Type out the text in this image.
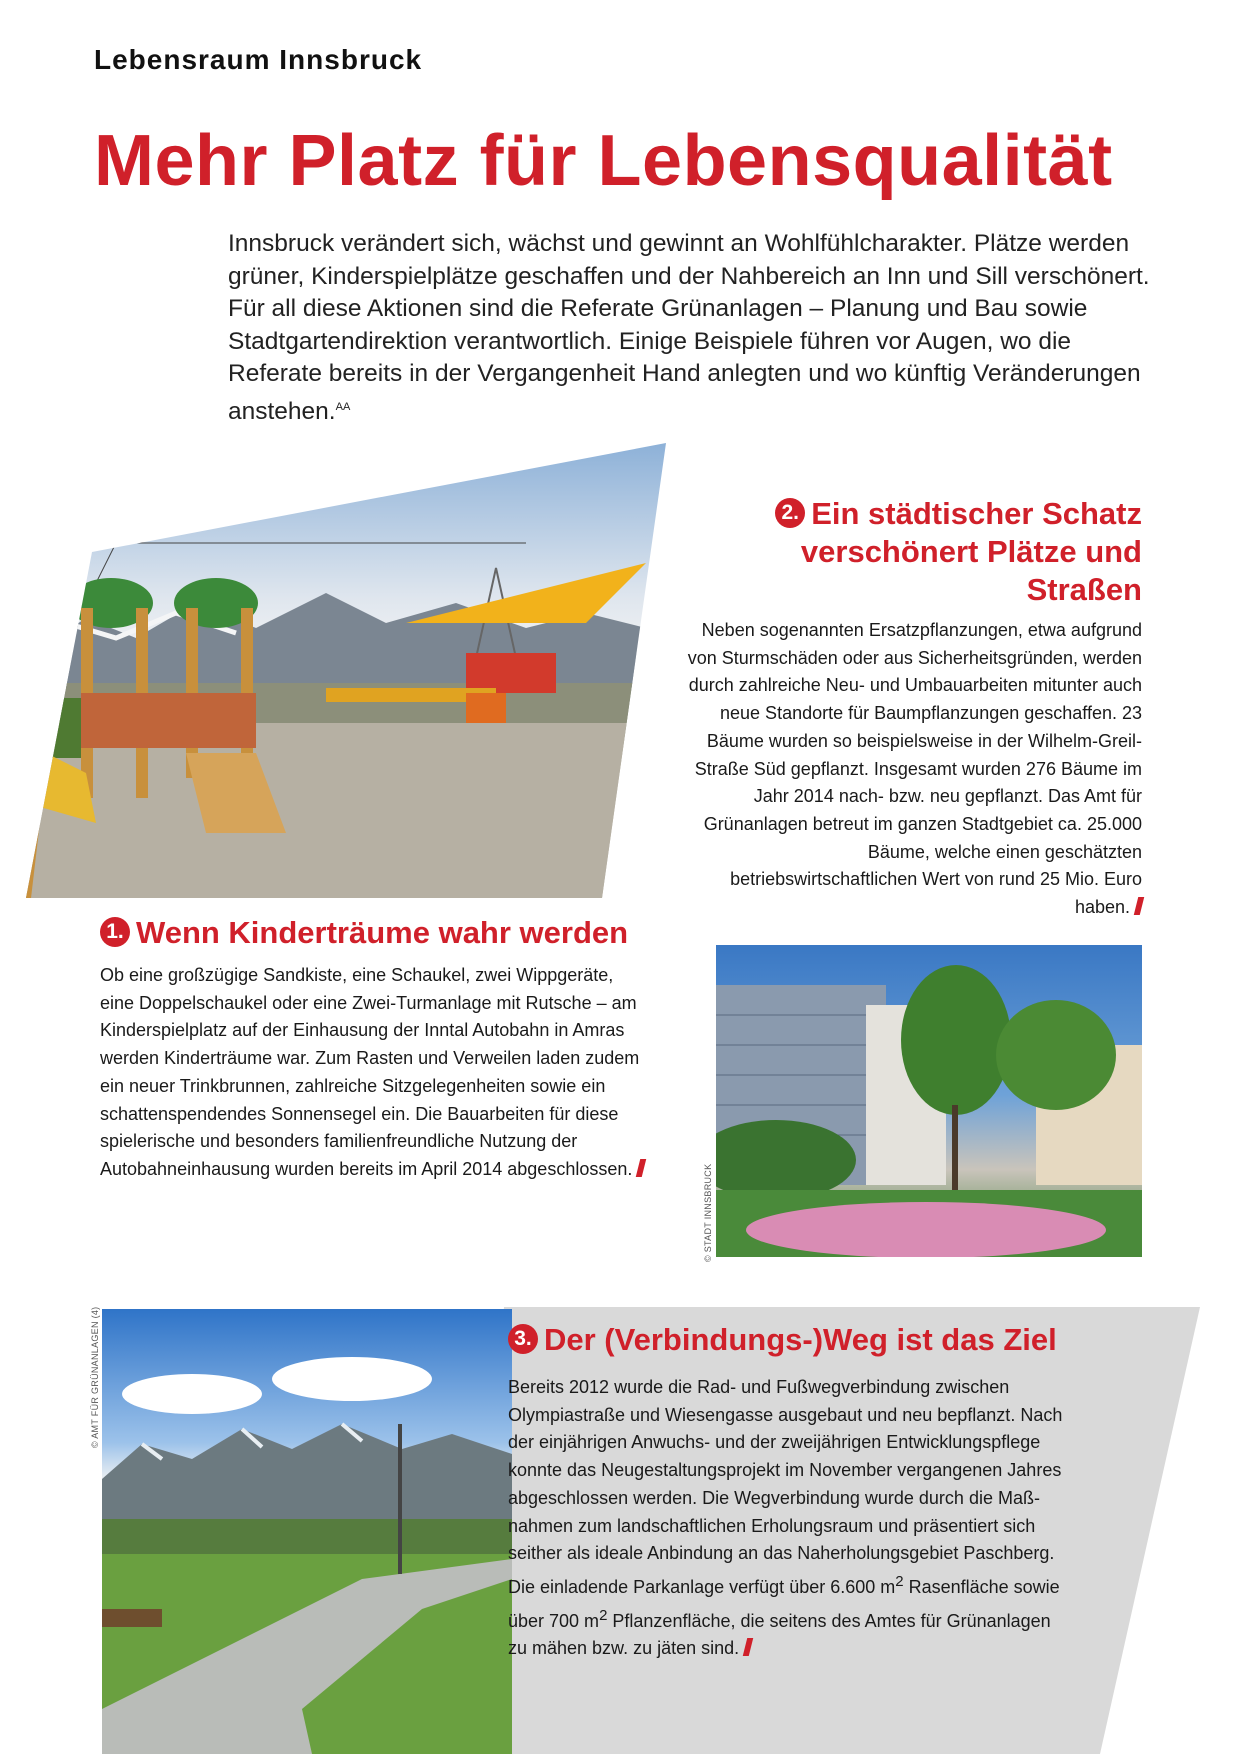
Lebensraum Innsbruck
Mehr Platz für Lebensqualität
Innsbruck verändert sich, wächst und gewinnt an Wohlfühlcharakter. Plätze werden grüner, Kinderspielplätze geschaffen und der Nahbereich an Inn und Sill verschönert. Für all diese Aktionen sind die Referate Grünanlagen – Planung und Bau sowie Stadtgartendirektion verantwortlich. Einige Beispiele führen vor Augen, wo die Referate bereits in der Vergangenheit Hand anlegten und wo künftig Veränderungen anstehen.$^{AA}$
2. Ein städtischer Schatz verschönert Plätze und Straßen
Neben sogenannten Ersatzpflanzungen, etwa aufgrund von Sturmschäden oder aus Sicherheitsgründen, werden durch zahlreiche Neu- und Umbauarbeiten mitunter auch neue Standorte für Baumpflanzungen geschaffen. 23 Bäume wurden so beispielsweise in der Wilhelm-Greil-Straße Süd gepflanzt. Insgesamt wurden 276 Bäume im Jahr 2014 nach- bzw. neu gepflanzt. Das Amt für Grünanlagen betreut im ganzen Stadtgebiet ca. 25.000 Bäume, welche einen geschätzten betriebswirtschaftlichen Wert von rund 25 Mio. Euro haben.
1. Wenn Kinderträume wahr werden
Ob eine großzügige Sandkiste, eine Schaukel, zwei Wippgeräte, eine Doppelschaukel oder eine Zwei-Turmanlage mit Rutsche – am Kinderspielplatz auf der Einhausung der Inntal Autobahn in Amras werden Kinderträume war. Zum Rasten und Verweilen laden zudem ein neuer Trinkbrunnen, zahlreiche Sitzgelegenheiten sowie ein schattenspendendes Sonnensegel ein. Die Bauarbeiten für diese spielerische und besonders familienfreundliche Nutzung der Autobahneinhausung wurden bereits im April 2014 abgeschlossen.	© STADT INNSBRUCK
© AMT FÜR GRÜNANLAGEN (4)	3. Der (Verbindungs-)Weg ist das Ziel
Bereits 2012 wurde die Rad- und Fußwegverbindung zwischen Olympiastraße und Wiesengasse ausgebaut und neu bepflanzt. Nach der einjährigen Anwuchs- und der zweijährigen Entwicklungspflege konnte das Neugestaltungsprojekt im November vergangenen Jahres abgeschlossen werden. Die Wegverbindung wurde durch die Maßnahmen zum landschaftlichen Erholungsraum und präsentiert sich seither als ideale Anbindung an das Naherholungsgebiet Paschberg. Die einladende Parkanlage verfügt über 6.600 $m^2$ Rasenfläche sowie über 700 $m^2$ Pflanzenfläche, die seitens des Amtes für Grünanlagen zu mähen bzw. zu jäten sind.
